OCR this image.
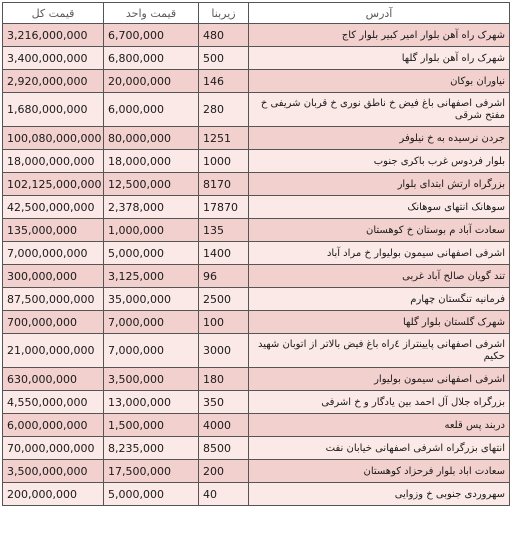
قیمت کل	قیمت واحد	زیربنا	آدرس
3,216,000,000	6,700,000	480	شهرک راه آهن بلوار امیر کبیر بلوار کاج
3,400,000,000	6,800,000	500	شهرک راه آهن بلوار گلها
2,920,000,000	20,000,000	146	نیاوران بوکان
1,680,000,000	6,000,000	280	اشرفی اصفهانی باغ فیض خ ناطق نوری خ قربان شریفی خ مفتح شرقی
100,080,000,000	80,000,000	1251	جردن نرسیده به خ نیلوفر
18,000,000,000	18,000,000	1000	بلوار فردوس غرب باکری جنوب
102,125,000,000	12,500,000	8170	بزرگراه ارتش ابتدای بلوار
42,500,000,000	2,378,000	17870	سوهانک انتهای سوهانک
135,000,000	1,000,000	135	سعادت آباد م بوستان خ کوهستان
7,000,000,000	5,000,000	1400	اشرفی اصفهانی سیمون بولیوار خ مراد آباد
300,000,000	3,125,000	96	تند گویان صالح آباد غربی
87,500,000,000	35,000,000	2500	فرمانیه تنگستان چهارم
700,000,000	7,000,000	100	شهرک گلستان بلوار گلها
21,000,000,000	7,000,000	3000	اشرفی اصفهانی پایینتراز ٤راه باغ فیض بالاتر از اتوبان شهید حکیم
630,000,000	3,500,000	180	اشرفی اصفهانی سیمون بولیوار
4,550,000,000	13,000,000	350	بزرگراه جلال آل احمد بین یادگار و خ اشرفی
6,000,000,000	1,500,000	4000	دربند پس قلعه
70,000,000,000	8,235,000	8500	انتهای بزرگراه اشرفی اصفهانی خیابان نفت
3,500,000,000	17,500,000	200	سعادت اباد بلوار فرحزاد کوهستان
200,000,000	5,000,000	40	سهروردی جنوبی خ وزوایی
